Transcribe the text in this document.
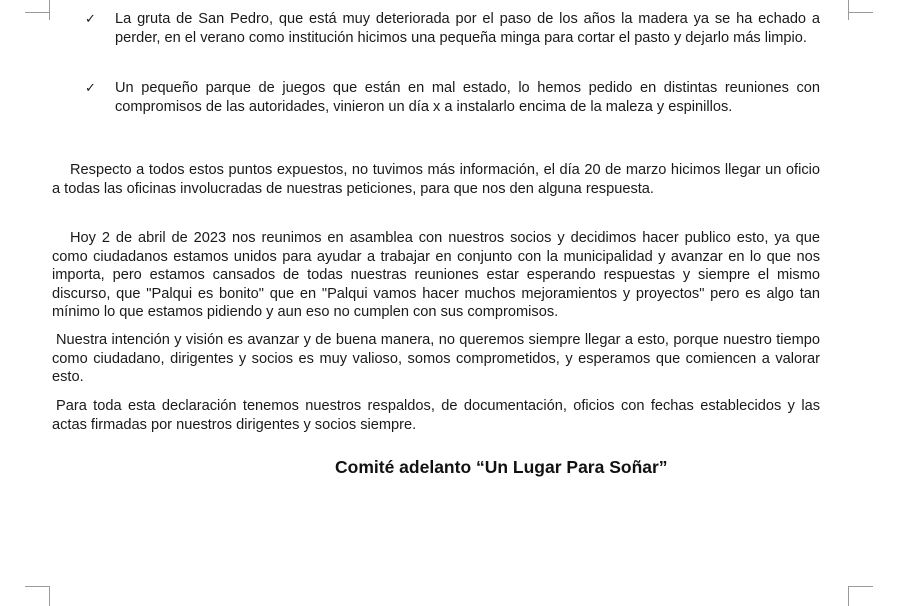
✓ La gruta de San Pedro, que está muy deteriorada por el paso de los años la madera ya se ha echado a perder, en el verano como institución hicimos una pequeña minga para cortar el pasto y dejarlo más limpio.
✓ Un pequeño parque de juegos que están en mal estado, lo hemos pedido en distintas reuniones con compromisos de las autoridades, vinieron un día x a instalarlo encima de la maleza y espinillos.
Respecto a todos estos puntos expuestos, no tuvimos más información, el día 20 de marzo hicimos llegar un oficio a todas las oficinas involucradas de nuestras peticiones, para que nos den alguna respuesta.
Hoy 2 de abril de 2023 nos reunimos en asamblea con nuestros socios y decidimos hacer publico esto, ya que como ciudadanos estamos unidos para ayudar a trabajar en conjunto con la municipalidad y avanzar en lo que nos importa, pero estamos cansados de todas nuestras reuniones estar esperando respuestas y siempre el mismo discurso, que "Palqui es bonito" que en "Palqui vamos hacer muchos mejoramientos y proyectos" pero es algo tan mínimo lo que estamos pidiendo y aun eso no cumplen con sus compromisos.
Nuestra intención y visión es avanzar y de buena manera, no queremos siempre llegar a esto, porque nuestro tiempo como ciudadano, dirigentes y socios es muy valioso, somos comprometidos, y esperamos que comiencen a valorar esto.
Para toda esta declaración tenemos nuestros respaldos, de documentación, oficios con fechas establecidos y las actas firmadas por nuestros dirigentes y socios siempre.
Comité adelanto “Un Lugar Para Soñar”
